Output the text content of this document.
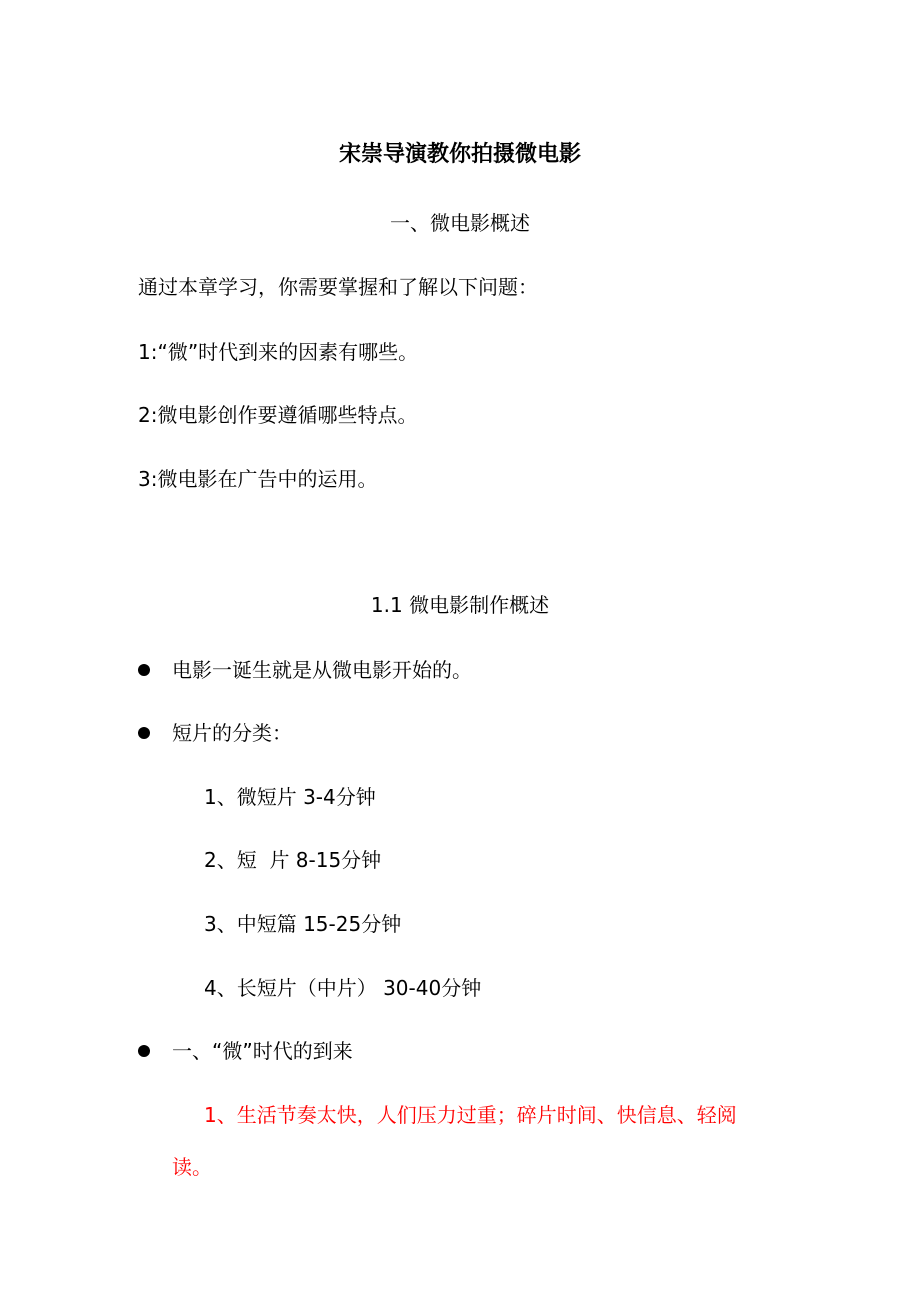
宋崇导演教你拍摄微电影
一、微电影概述
通过本章学习，你需要掌握和了解以下问题：
1:“微”时代到来的因素有哪些。
2:微电影创作要遵循哪些特点。
3:微电影在广告中的运用。
1.1 微电影制作概述
电影一诞生就是从微电影开始的。
短片的分类：
1、微短片 3-4分钟
2、短  片 8-15分钟
3、中短篇 15-25分钟
4、长短片（中片） 30-40分钟
一、“微”时代的到来
1、生活节奏太快，人们压力过重；碎片时间、快信息、轻阅
读。
